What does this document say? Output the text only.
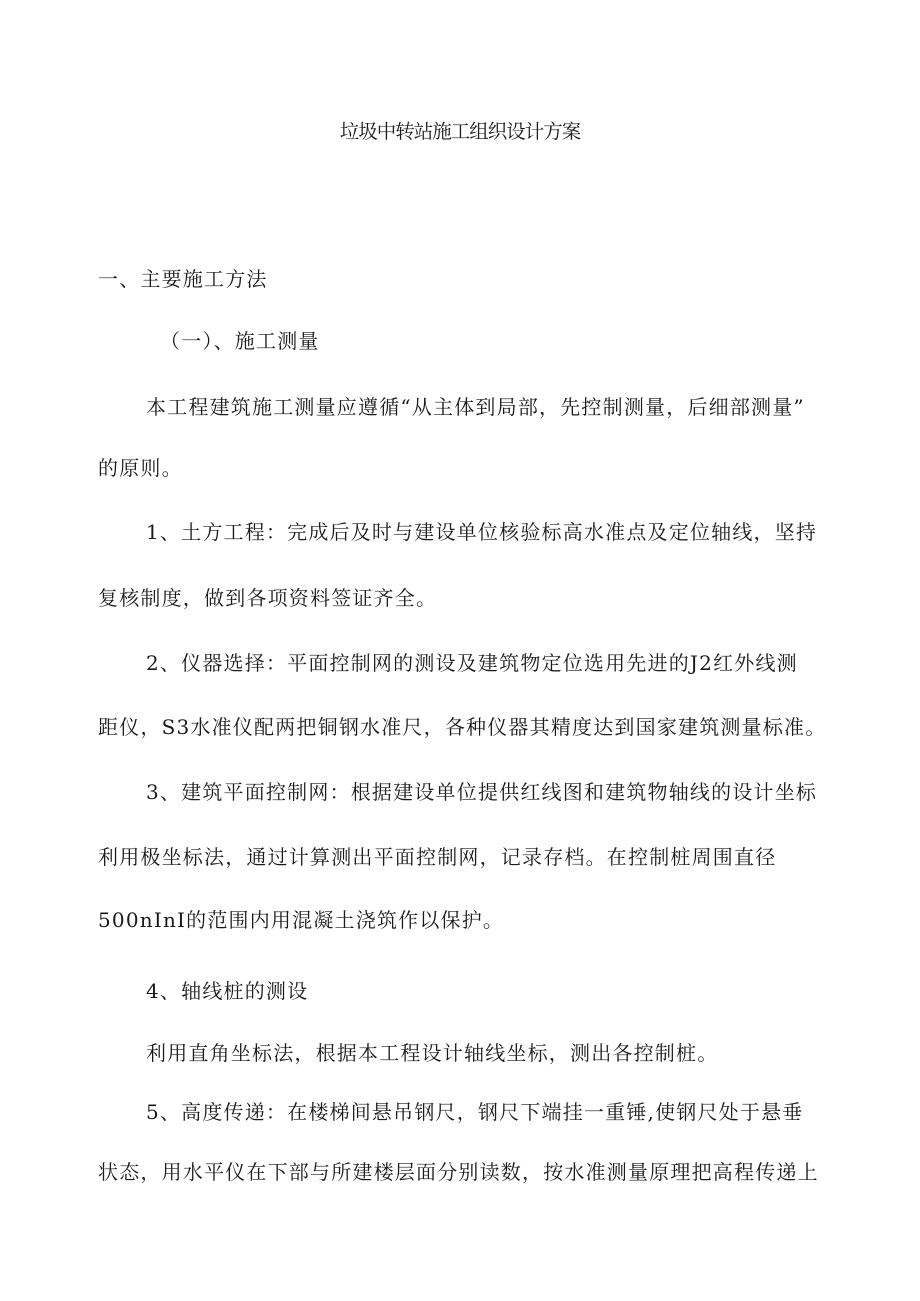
垃圾中转站施工组织设计方案

一、主要施工方法

（一）、施工测量

本工程建筑施工测量应遵循“从主体到局部，先控制测量，后细部测量”

的原则。

1、土方工程：完成后及时与建设单位核验标高水准点及定位轴线，坚持

复核制度，做到各项资料签证齐全。

2、仪器选择：平面控制网的测设及建筑物定位选用先进的J2红外线测

距仪，S3水准仪配两把铜钢水准尺，各种仪器其精度达到国家建筑测量标准。

3、建筑平面控制网：根据建设单位提供红线图和建筑物轴线的设计坐标

利用极坐标法，通过计算测出平面控制网，记录存档。在控制桩周围直径

500nInI的范围内用混凝土浇筑作以保护。

4、轴线桩的测设

利用直角坐标法，根据本工程设计轴线坐标，测出各控制桩。

5、高度传递：在楼梯间悬吊钢尺，钢尺下端挂一重锤,使钢尺处于悬垂

状态，用水平仪在下部与所建楼层面分别读数，按水准测量原理把高程传递上
